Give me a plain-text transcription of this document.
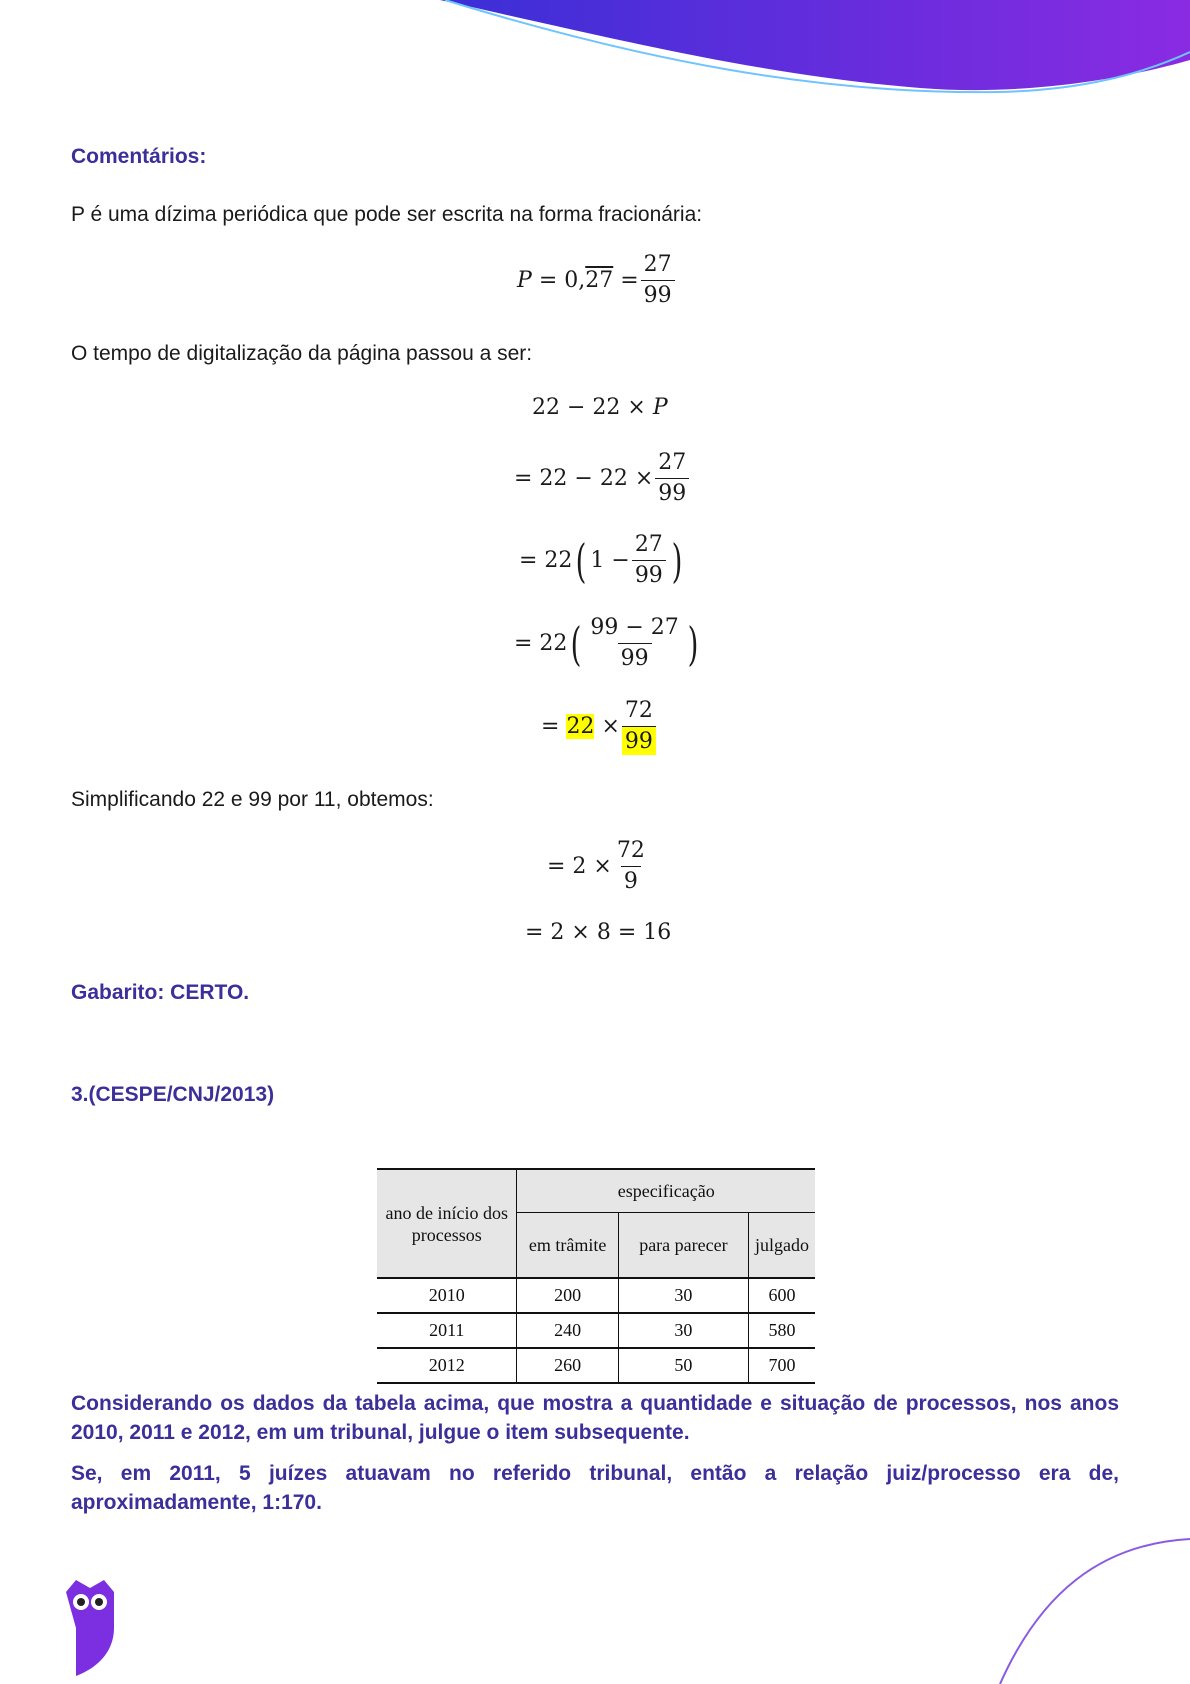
Comentários:
P é uma dízima periódica que pode ser escrita na forma fracionária:
P
= 0, 27
= $\frac{27}{99}$
O tempo de digitalização da página passou a ser:
22 − 22 ×
P
= $22 - 22 \times \frac{27}{99}$
= 22 ( $1 - \frac{27}{99}$ )
= 22 ( $\frac{99 - 27}{99}$ )
=
22
× $\frac{72}{99}$
Simplificando 22 e 99 por 11, obtemos:
= $2 \times \frac{72}{9}$
= 2 × 8 = 16
Gabarito: CERTO.
3.(CESPE/CNJ/2013)
ano de início dos processos	especificação		
	em trâmite	para parecer	julgado
2010	200	30	600
2011	240	30	580
2012	260	50	700
Considerando os dados da tabela acima, que mostra a quantidade e situação de processos, nos anos 2010, 2011 e 2012, em um tribunal, julgue o item subsequente.
Se, em 2011, 5 juízes atuavam no referido tribunal, então a relação juiz/processo era de, aproximadamente, 1:170.
